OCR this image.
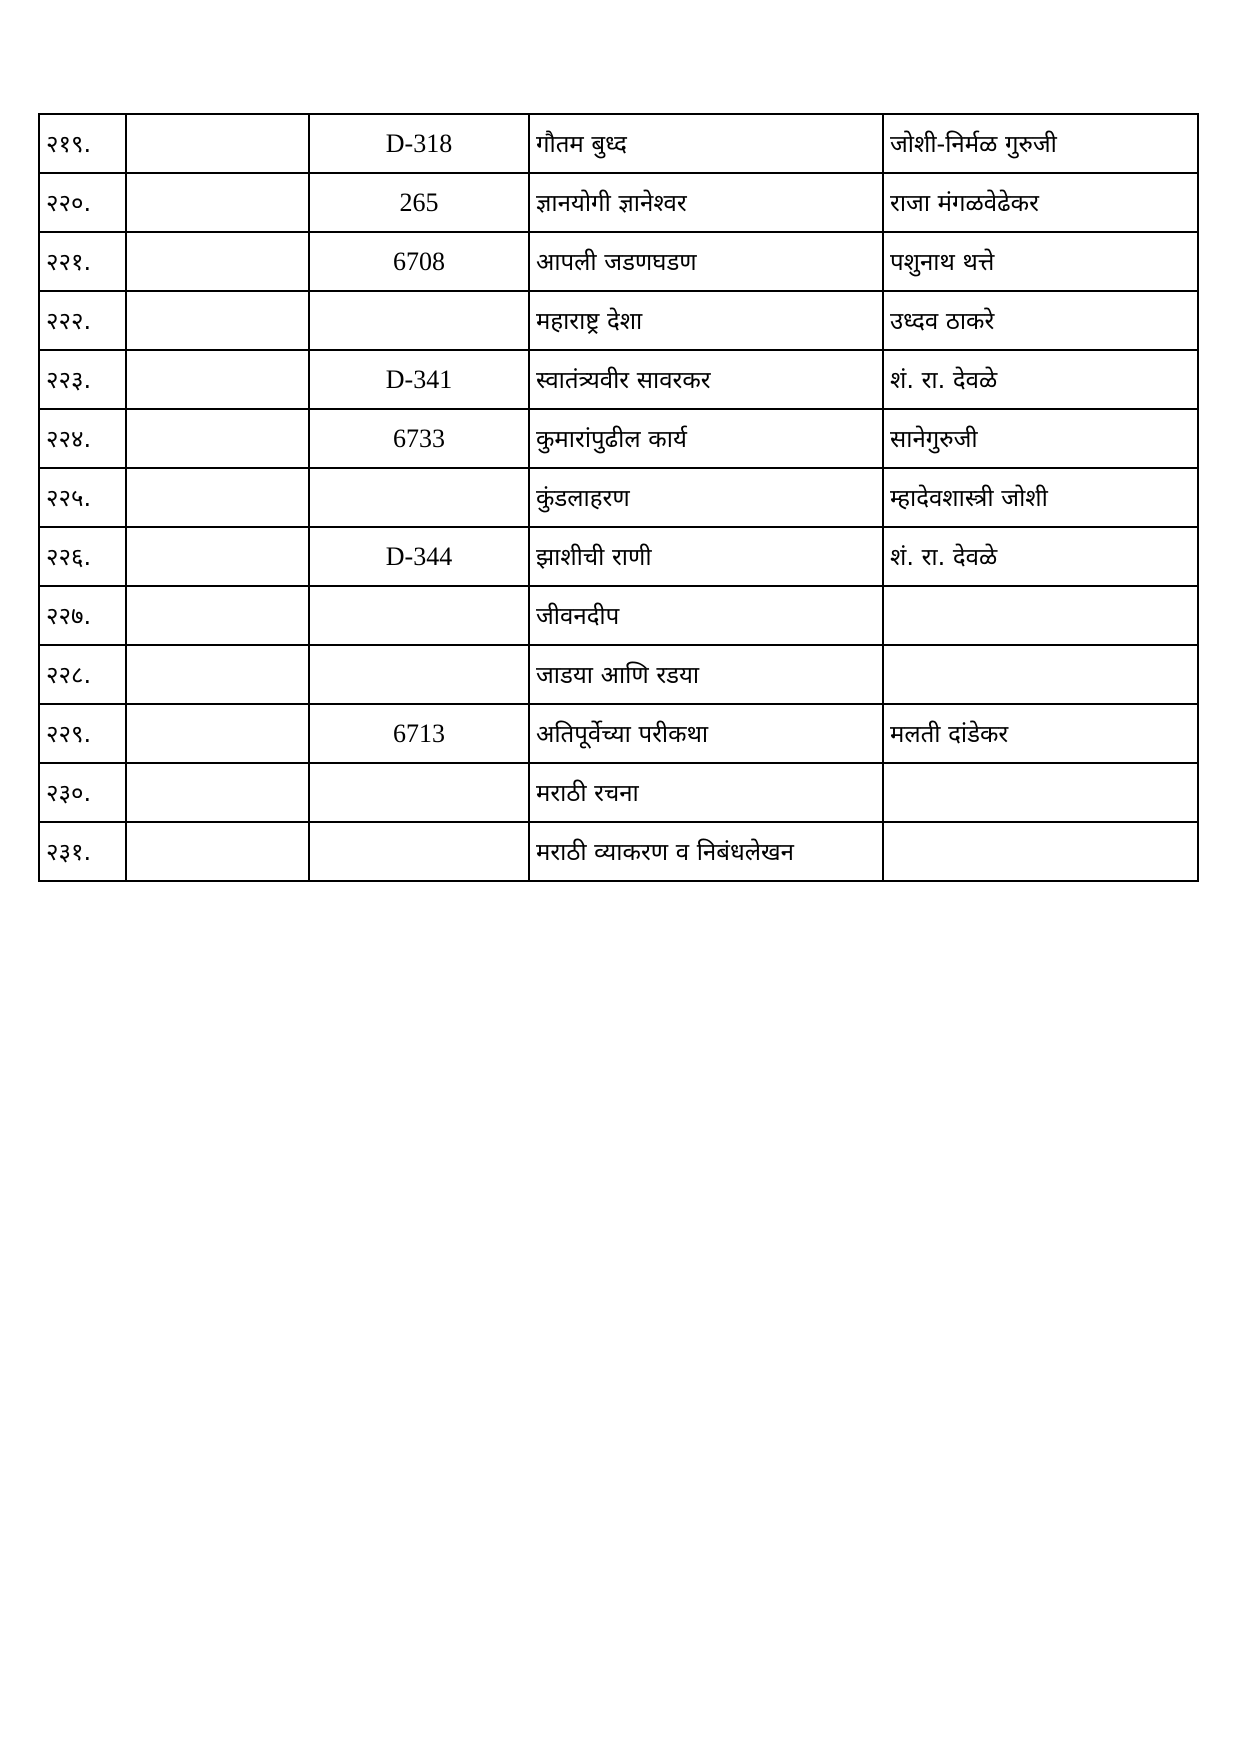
२१९.		D-318	गौतम बुध्द	जोशी-निर्मळ गुरुजी
२२०.		265	ज्ञानयोगी ज्ञानेश्वर	राजा मंगळवेढेकर
२२१.		6708	आपली जडणघडण	पशुनाथ थत्ते
२२२.			महाराष्ट्र देशा	उध्दव ठाकरे
२२३.		D-341	स्वातंत्र्यवीर सावरकर	शं. रा. देवळे
२२४.		6733	कुमारांपुढील कार्य	सानेगुरुजी
२२५.			कुंडलाहरण	म्हादेवशास्त्री जोशी
२२६.		D-344	झाशीची राणी	शं. रा. देवळे
२२७.			जीवनदीप	
२२८.			जाडया आणि रडया	
२२९.		6713	अतिपूर्वेच्या परीकथा	मलती दांडेकर
२३०.			मराठी रचना	
२३१.			मराठी व्याकरण व निबंधलेखन	
